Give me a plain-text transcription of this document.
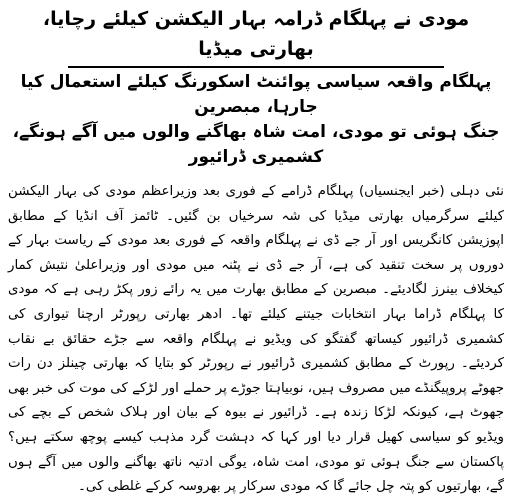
مودی نے پہلگام ڈرامہ بہار الیکشن کیلئے رچایا، بھارتی میڈیا
پہلگام واقعہ سیاسی پوائنٹ اسکورنگ کیلئے استعمال کیا جارہا، مبصرین
جنگ ہوئی تو مودی، امت شاہ بھاگنے والوں میں آگے ہونگے، کشمیری ڈرائیور

نئی دہلی (خبر ایجنسیاں) پہلگام ڈرامے کے فوری بعد وزیراعظم مودی کی بہار الیکشن کیلئے سرگرمیاں بھارتی میڈیا کی شہ سرخیاں بن گئیں۔ ٹائمز آف انڈیا کے مطابق اپوزیشن کانگریس اور آر جے ڈی نے پہلگام واقعہ کے فوری بعد مودی کے ریاست بہار کے دوروں پر سخت تنقید کی ہے، آر جے ڈی نے پٹنہ میں مودی اور وزیراعلیٰ نتیش کمار کیخلاف بینرز لگادیئے۔ مبصرین کے مطابق بھارت میں یہ رائے زور پکڑ رہی ہے کہ مودی کا پہلگام ڈراما بہار انتخابات جیتنے کیلئے تھا۔ ادھر بھارتی رپورٹر ارچنا تیواری کی کشمیری ڈرائیور کیساتھ گفتگو کی ویڈیو نے پہلگام واقعہ سے جڑے حقائق بے نقاب کردیئے۔ رپورٹ کے مطابق کشمیری ڈرائیور نے رپورٹر کو بتایا کہ بھارتی چینلز دن رات جھوٹے پروپیگنڈے میں مصروف ہیں، نوبیاہتا جوڑے پر حملے اور لڑکے کی موت کی خبر بھی جھوٹ ہے، کیونکہ لڑکا زندہ ہے۔ ڈرائیور نے بیوہ کے بیان اور ہلاک شخص کے بچے کی ویڈیو کو سیاسی کھیل قرار دیا اور کہا کہ دہشت گرد مذہب کیسے پوچھ سکتے ہیں؟ پاکستان سے جنگ ہوئی تو مودی، امت شاہ، یوگی ادتیہ ناتھ بھاگنے والوں میں آگے ہوں گے، بھارتیوں کو پتہ چل جائے گا کہ مودی سرکار پر بھروسہ کرکے غلطی کی۔
